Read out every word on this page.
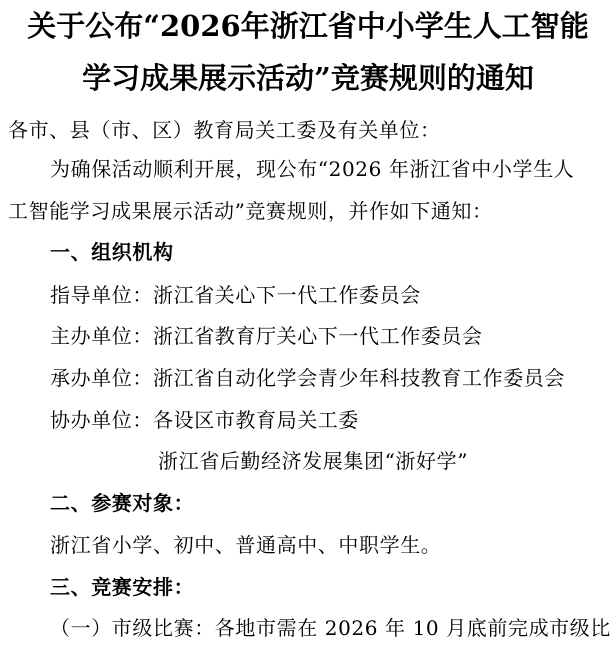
关于公布“2026年浙江省中小学生人工智能
学习成果展示活动”竞赛规则的通知
各市、县（市、区）教育局关工委及有关单位：
为确保活动顺利开展，现公布“2026 年浙江省中小学生人
工智能学习成果展示活动”竞赛规则，并作如下通知：
一、组织机构
指导单位：浙江省关心下一代工作委员会
主办单位：浙江省教育厅关心下一代工作委员会
承办单位：浙江省自动化学会青少年科技教育工作委员会
协办单位：各设区市教育局关工委
浙江省后勤经济发展集团“浙好学”
二、参赛对象：
浙江省小学、初中、普通高中、中职学生。
三、竞赛安排：
（一）市级比赛：各地市需在 2026 年 10 月底前完成市级比
